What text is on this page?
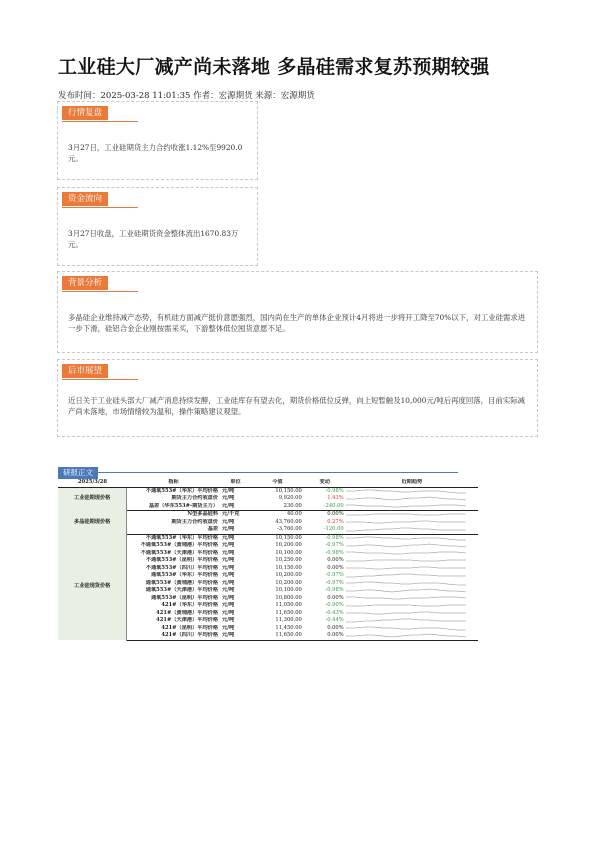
工业硅大厂减产尚未落地 多晶硅需求复苏预期较强
发布时间：2025-03-28 11:01:35 作者：宏源期货 来源：宏源期货
行情复盘
3月27日，工业硅期货主力合约收涨1.12%至9920.0元。
资金流向
3月27日收盘，工业硅期货资金整体流出1670.83万元。
背景分析
多晶硅企业维持减产态势，有机硅方面减产挺价意愿强烈，国内尚在生产的单体企业预计4月将进一步将开工降至70%以下，对工业硅需求进一步下滑，硅铝合金企业刚按需采买，下游整体低位囤货意愿不足。
后市展望
近日关于工业硅头部大厂减产消息持续发酵，工业硅库存有望去化，期货价格低位反弹，向上短暂触及10,000元/吨后再度回落，目前实际减产尚未落地，市场情绪较为温和，操作策略建议观望。
研报正文
2025/3/28	指标	单位	今值	变动	近期趋势
工业硅期现价格	不通氧553#（华东）平均价格	元/吨	10,150.00	-0.98%	

	期货主力合约收盘价	元/吨	9,920.00	1.43%	

	基差（华东553#-期货主力）	元/吨	230.00	-240.00	

多晶硅期现价格	N型多晶硅料	元/千克	40.00	0.00%	

	期货主力合约收盘价	元/吨	43,760.00	0.27%	

	基差	元/吨	-3,760.00	-120.00	

工业硅现货价格	不通氧553#（华东）平均价格	元/吨	10,150.00	-0.98%	

	不通氧553#（黄埔港）平均价格	元/吨	10,200.00	-0.97%	

	不通氧553#（天津港）平均价格	元/吨	10,100.00	-0.98%	

	不通氧553#（昆明）平均价格	元/吨	10,250.00	0.00%	

	不通氧553#（四川）平均价格	元/吨	10,150.00	0.00%	

	通氧553#（华东）平均价格	元/吨	10,200.00	-0.97%	

	通氧553#（黄埔港）平均价格	元/吨	10,200.00	-0.97%	

	通氧553#（天津港）平均价格	元/吨	10,100.00	-0.98%	

	通氧553#（昆明）平均价格	元/吨	10,800.00	0.00%	

	421#（华东）平均价格	元/吨	11,050.00	-0.90%	

	421#（黄埔港）平均价格	元/吨	11,650.00	-0.43%	

	421#（天津港）平均价格	元/吨	11,300.00	-0.44%	

	421#（昆明）平均价格	元/吨	11,450.00	0.00%	

	421#（四川）平均价格	元/吨	11,650.00	0.00%	
